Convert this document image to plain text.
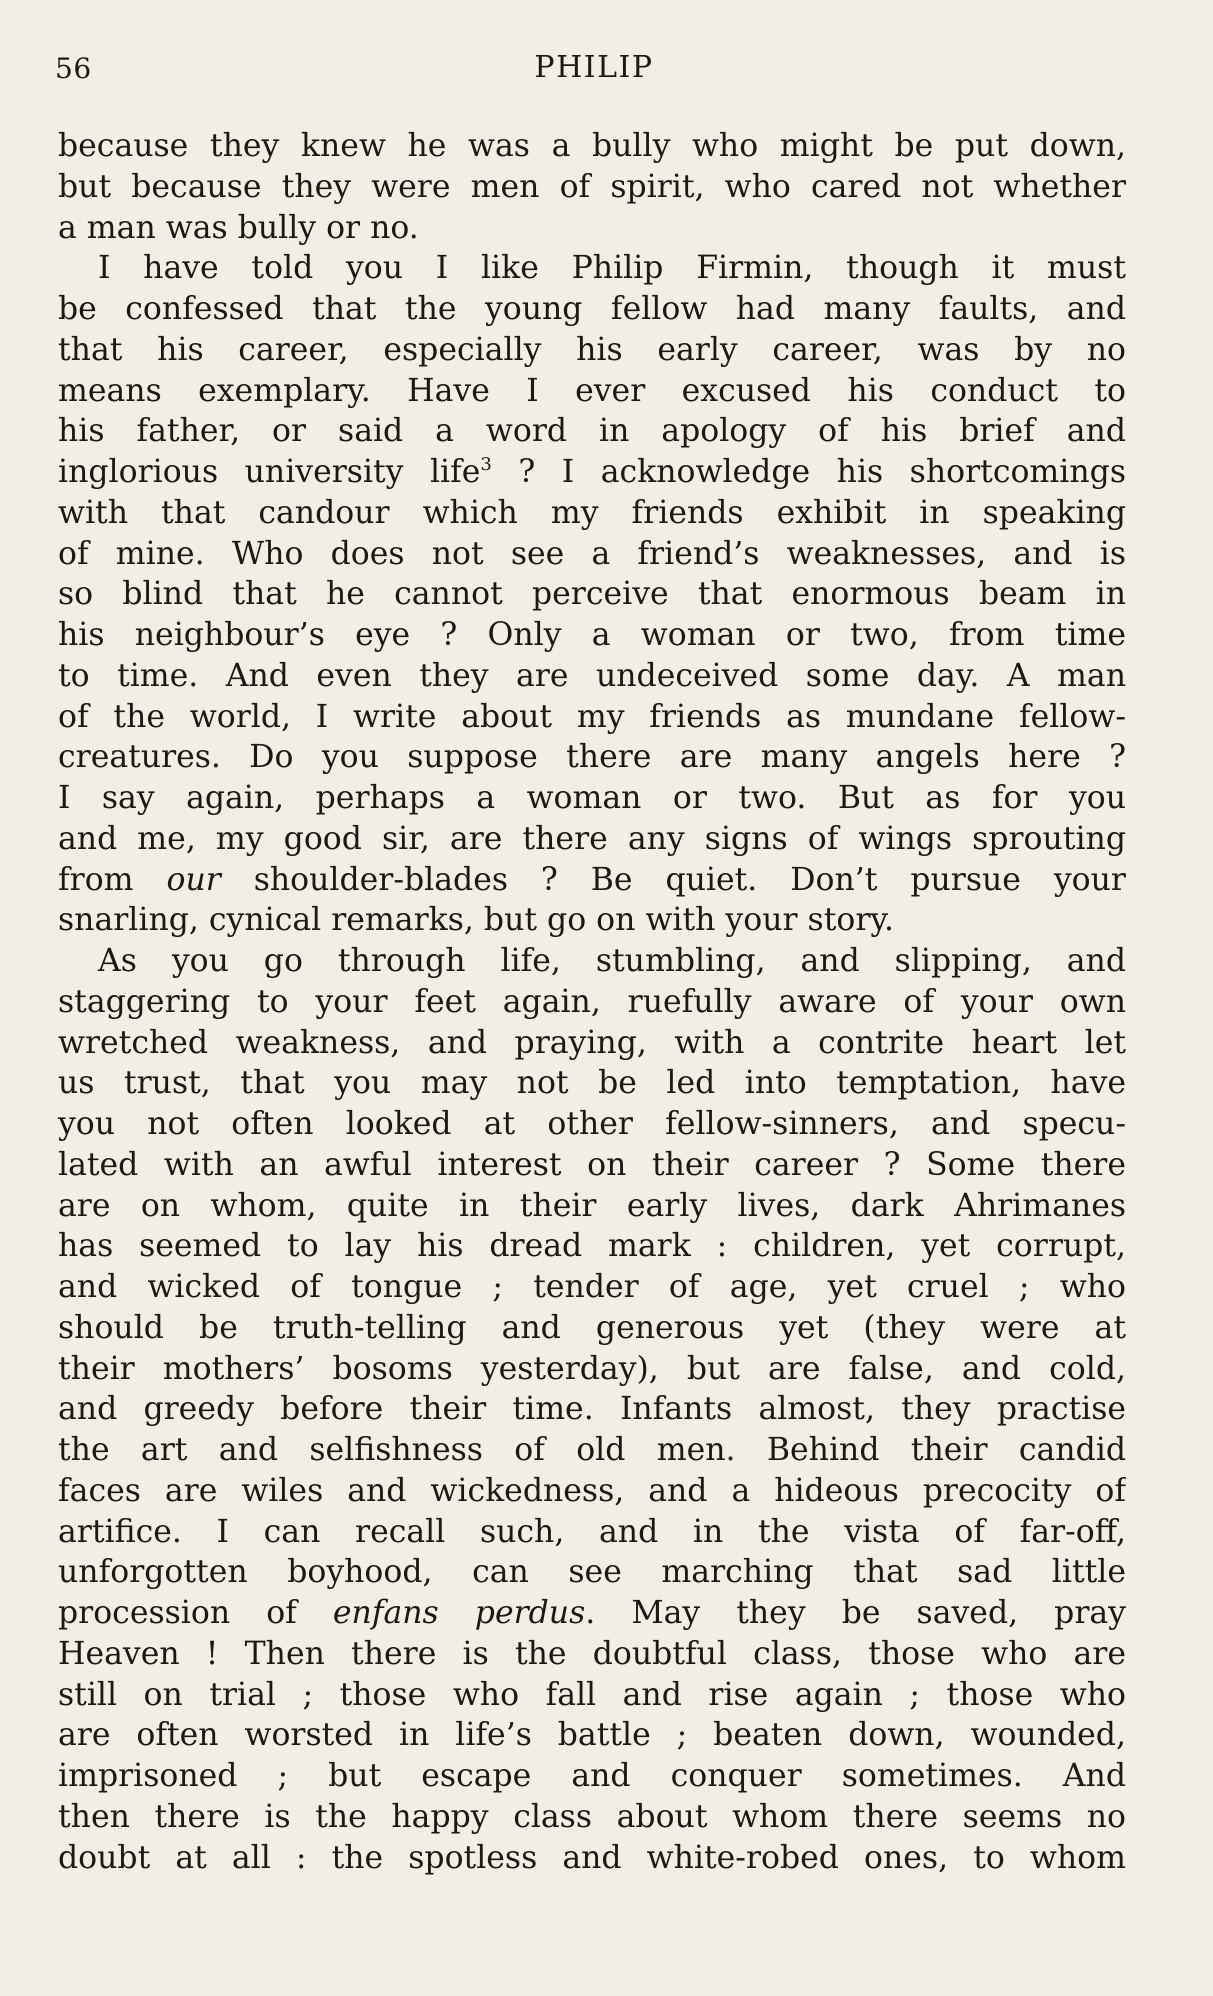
56	PHILIP
because they knew he was a bully who might be put down,
but because they were men of spirit, who cared not whether
a man was bully or no.
I have told you I like Philip Firmin, though it must
be confessed that the young fellow had many faults, and
that his career, especially his early career, was by no
means exemplary. Have I ever excused his conduct to
his father, or said a word in apology of his brief and
inglorious university life$^3$ ? I acknowledge his shortcomings
with that candour which my friends exhibit in speaking
of mine. Who does not see a friend’s weaknesses, and is
so blind that he cannot perceive that enormous beam in
his neighbour’s eye ? Only a woman or two, from time
to time. And even they are undeceived some day. A man
of the world, I write about my friends as mundane fellow-
creatures. Do you suppose there are many angels here ?
I say again, perhaps a woman or two. But as for you
and me, my good sir, are there any signs of wings sprouting
from our shoulder-blades ? Be quiet. Don’t pursue your
snarling, cynical remarks, but go on with your story.
As you go through life, stumbling, and slipping, and
staggering to your feet again, ruefully aware of your own
wretched weakness, and praying, with a contrite heart let
us trust, that you may not be led into temptation, have
you not often looked at other fellow-sinners, and specu-
lated with an awful interest on their career ? Some there
are on whom, quite in their early lives, dark Ahrimanes
has seemed to lay his dread mark : children, yet corrupt,
and wicked of tongue ; tender of age, yet cruel ; who
should be truth-telling and generous yet (they were at
their mothers’ bosoms yesterday), but are false, and cold,
and greedy before their time. Infants almost, they practise
the art and selfishness of old men. Behind their candid
faces are wiles and wickedness, and a hideous precocity of
artifice. I can recall such, and in the vista of far-off,
unforgotten boyhood, can see marching that sad little
procession of enfans perdus. May they be saved, pray
Heaven ! Then there is the doubtful class, those who are
still on trial ; those who fall and rise again ; those who
are often worsted in life’s battle ; beaten down, wounded,
imprisoned ; but escape and conquer sometimes. And
then there is the happy class about whom there seems no
doubt at all : the spotless and white-robed ones, to whom
